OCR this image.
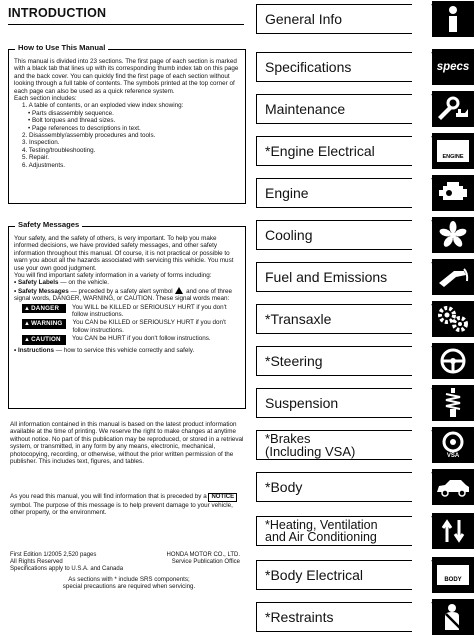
INTRODUCTION
How to Use This Manual

This manual is divided into 23 sections. The first page of each section is marked with a black tab that lines up with its corresponding thumb index tab on this page and the back cover. You can quickly find the first page of each section without looking through a full table of contents. The symbols printed at the top corner of each page can also be used as a quick reference system.

Each section includes:

1. A table of contents, or an exploded view index showing:

• Parts disassembly sequence.

• Bolt torques and thread sizes.

• Page references to descriptions in text.

2. Disassembly/assembly procedures and tools.

3. Inspection.

4. Testing/troubleshooting.

5. Repair.

6. Adjustments.

Safety Messages

Your safety, and the safety of others, is very important. To help you make informed decisions, we have provided safety messages, and other safety information throughout this manual. Of course, it is not practical or possible to warn you about all the hazards associated with servicing this vehicle. You must use your own good judgment.

You will find important safety information in a variety of forms including:

• Safety Labels — on the vehicle.

• Safety Messages — preceded by a safety alert symbol  and one of three signal words, DANGER, WARNING, or CAUTION. These signal words mean:

▲DANGER	You WILL be KILLED or SERIOUSLY HURT if you don't follow instructions.
▲WARNING	You CAN be KILLED or SERIOUSLY HURT if you don't follow instructions.
▲CAUTION	You CAN be HURT if you don't follow instructions.

• Instructions — how to service this vehicle correctly and safely.

All information contained in this manual is based on the latest product information available at the time of printing. We reserve the right to make changes at anytime without notice. No part of this publication may be reproduced, or stored in a retrieval system, or transmitted, in any form by any means, electronic, mechanical, photocopying, recording, or otherwise, without the prior written permission of the publisher. This includes text, figures, and tables.
As you read this manual, you will find information that is preceded by a NOTICE symbol. The purpose of this message is to help prevent damage to your vehicle, other property, or the environment.
First Edition 1/2005 2,520 pages
All Rights Reserved
Specifications apply to U.S.A. and Canada
HONDA MOTOR CO., LTD.
Service Publication Office
As sections with * include SRS components;
special precautions are required when servicing.
General Info
Specifications	specs
Maintenance
*Engine Electrical	ENGINE
Engine
Cooling
Fuel and Emissions
*Transaxle
*Steering
Suspension
*Brakes
(Including VSA)	VSA
*Body
*Heating, Ventilation
and Air Conditioning
*Body Electrical	BODY
*Restraints
